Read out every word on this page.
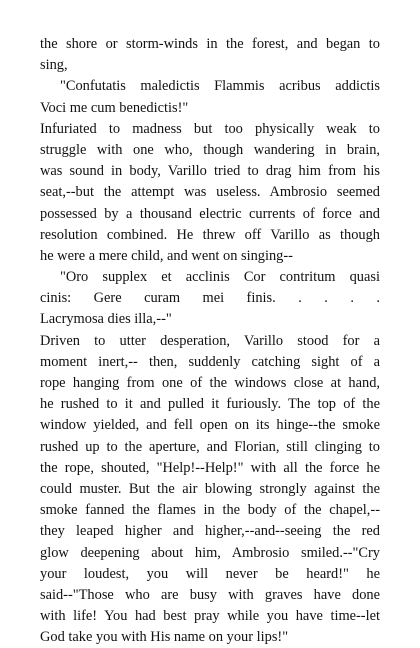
the shore or storm-winds in the forest, and began to
sing,
"Confutatis maledictis Flammis acribus addictis
Voci me cum benedictis!"
Infuriated to madness but too physically weak to
struggle with one who, though wandering in brain,
was sound in body, Varillo tried to drag him from his
seat,--but the attempt was useless. Ambrosio seemed
possessed by a thousand electric currents of force and
resolution combined. He threw off Varillo as though
he were a mere child, and went on singing--
"Oro supplex et acclinis Cor contritum quasi
cinis: Gere curam mei finis. . . . .
Lacrymosa dies illa,--"
Driven to utter desperation, Varillo stood for a
moment inert,-- then, suddenly catching sight of a
rope hanging from one of the windows close at hand,
he rushed to it and pulled it furiously. The top of the
window yielded, and fell open on its hinge--the smoke
rushed up to the aperture, and Florian, still clinging to
the rope, shouted, "Help!--Help!" with all the force he
could muster. But the air blowing strongly against the
smoke fanned the flames in the body of the chapel,--
they leaped higher and higher,--and--seeing the red
glow deepening about him, Ambrosio smiled.--"Cry
your loudest, you will never be heard!" he
said--"Those who are busy with graves have done
with life! You had best pray while you have time--let
God take you with His name on your lips!"
